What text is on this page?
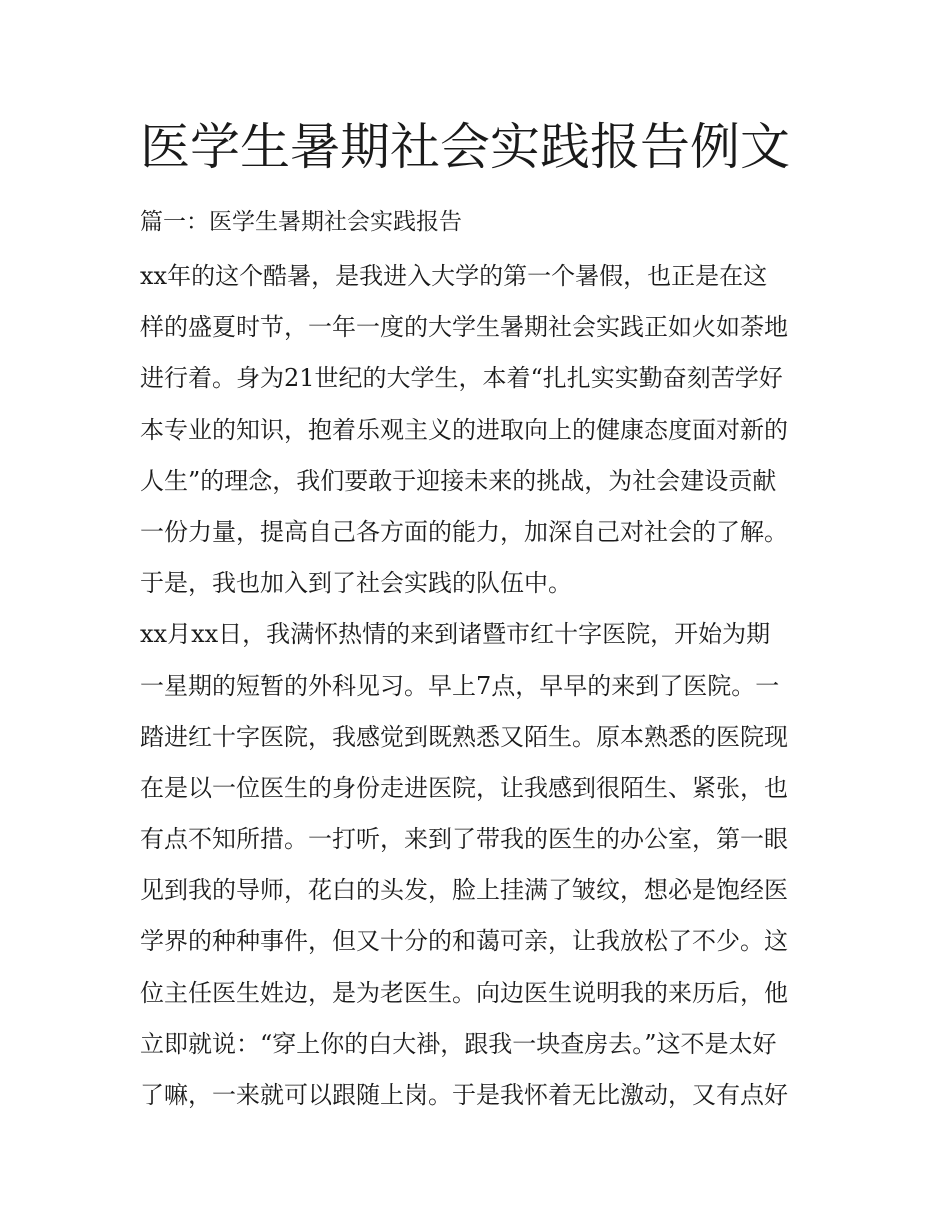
医学生暑期社会实践报告例文
篇一：医学生暑期社会实践报告
xx年的这个酷暑，是我进入大学的第一个暑假，也正是在这
样的盛夏时节，一年一度的大学生暑期社会实践正如火如荼地
进行着。身为21世纪的大学生，本着“扎扎实实勤奋刻苦学好
本专业的知识，抱着乐观主义的进取向上的健康态度面对新的
人生”的理念，我们要敢于迎接未来的挑战，为社会建设贡献
一份力量，提高自己各方面的能力，加深自己对社会的了解。
于是，我也加入到了社会实践的队伍中。
xx月xx日，我满怀热情的来到诸暨市红十字医院，开始为期
一星期的短暂的外科见习。早上7点，早早的来到了医院。一
踏进红十字医院，我感觉到既熟悉又陌生。原本熟悉的医院现
在是以一位医生的身份走进医院，让我感到很陌生、紧张，也
有点不知所措。一打听，来到了带我的医生的办公室，第一眼
见到我的导师，花白的头发，脸上挂满了皱纹，想必是饱经医
学界的种种事件，但又十分的和蔼可亲，让我放松了不少。这
位主任医生姓边，是为老医生。向边医生说明我的来历后，他
立即就说：“穿上你的白大褂，跟我一块查房去。”这不是太好
了嘛，一来就可以跟随上岗。于是我怀着无比激动，又有点好
